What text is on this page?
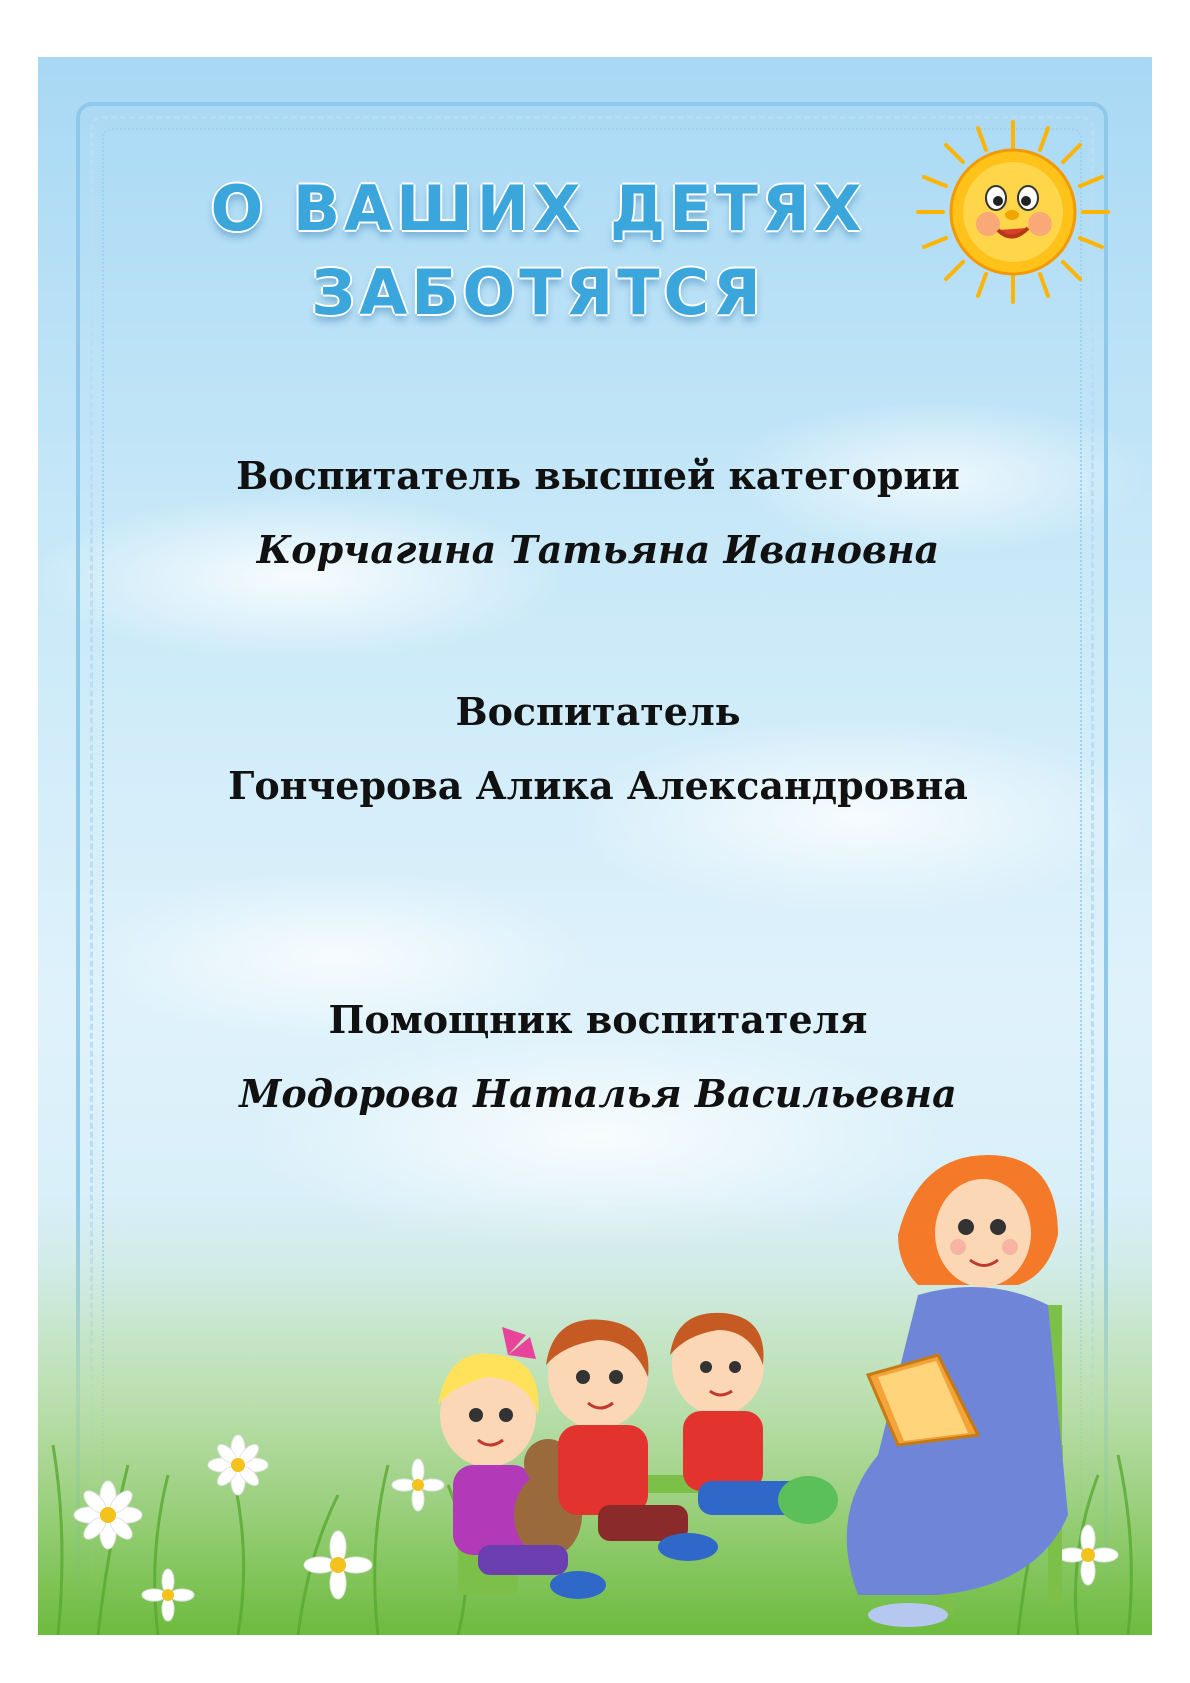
О ВАШИХ ДЕТЯХ
ЗАБОТЯТСЯ
Воспитатель высшей категории
Корчагина Татьяна Ивановна
Воспитатель
Гончерова Алика Александровна
Помощник воспитателя
Модорова Наталья Васильевна
